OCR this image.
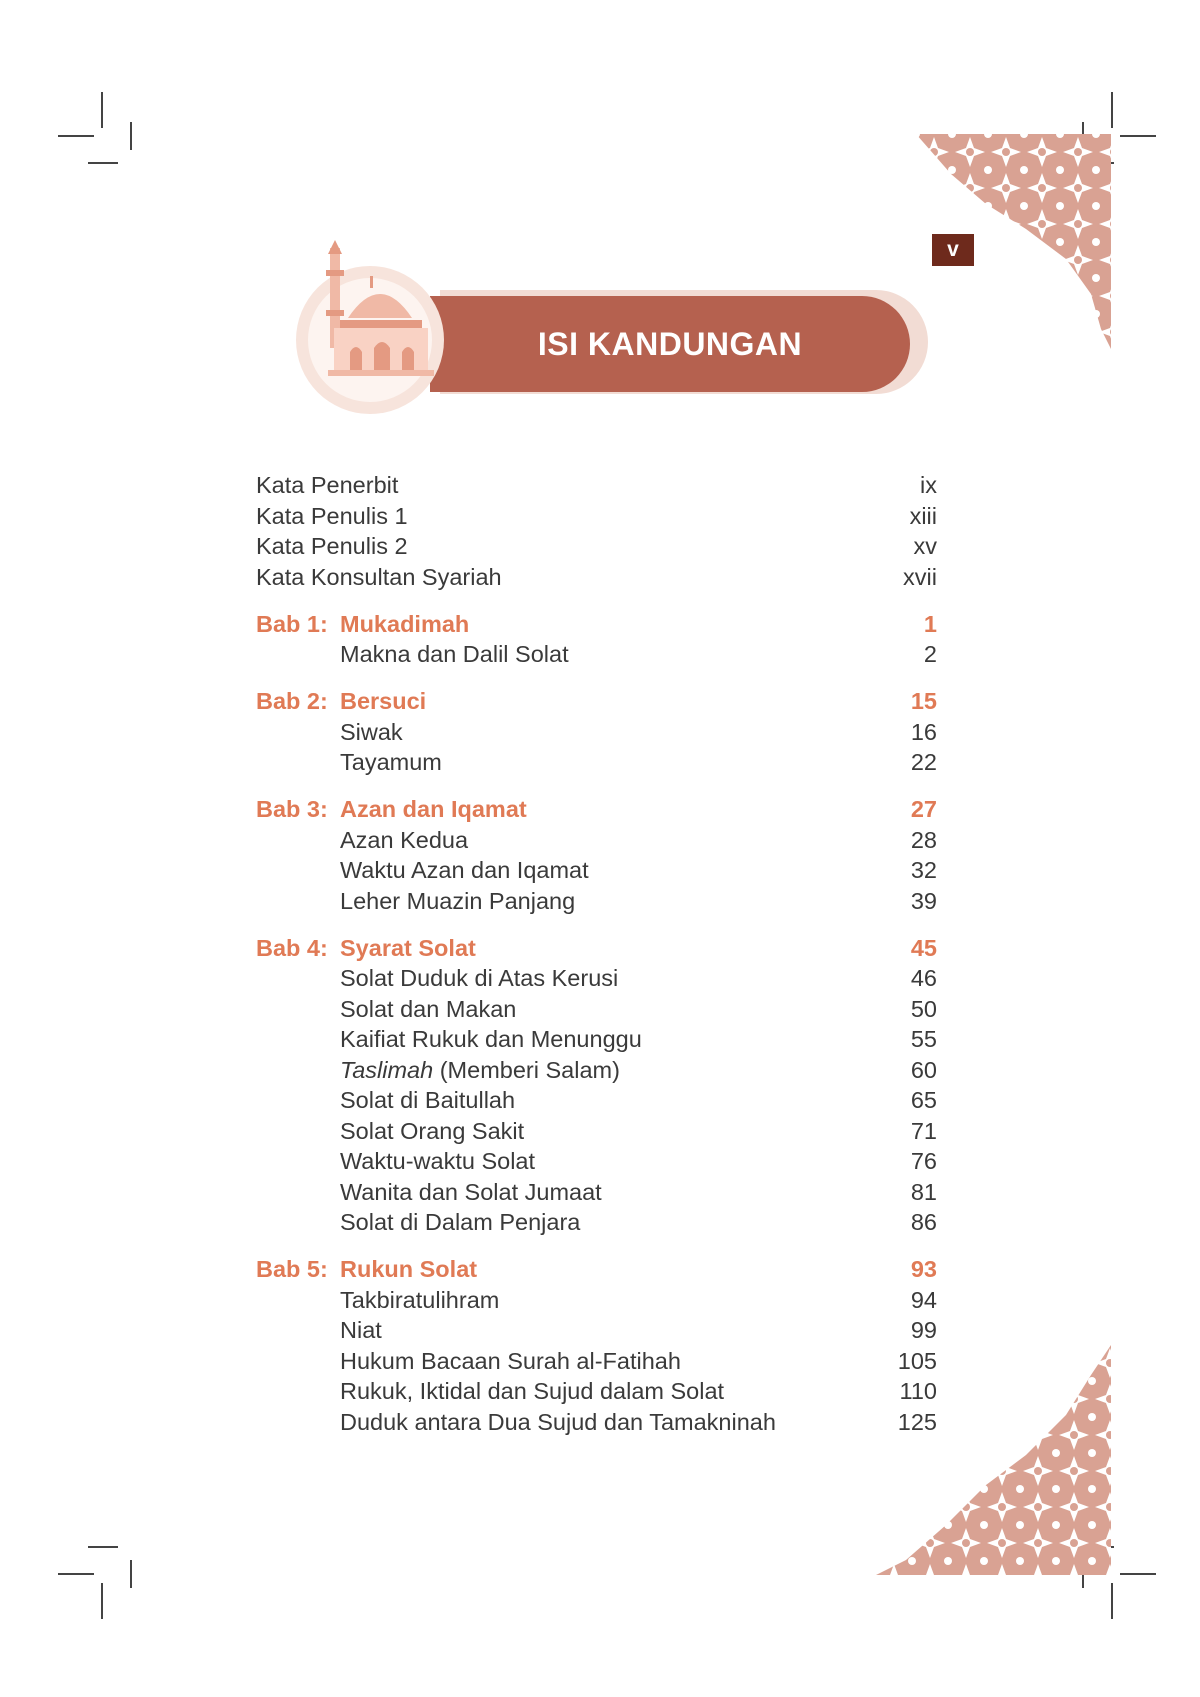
v
ISI KANDUNGAN
Kata Penerbit	ix
Kata Penulis 1	xiii
Kata Penulis 2	xv
Kata Konsultan Syariah	xvii
Bab 1: Mukadimah	1
Makna dan Dalil Solat	2
Bab 2: Bersuci	15
Siwak	16
Tayamum	22
Bab 3: Azan dan Iqamat	27
Azan Kedua	28
Waktu Azan dan Iqamat	32
Leher Muazin Panjang	39
Bab 4: Syarat Solat	45
Solat Duduk di Atas Kerusi	46
Solat dan Makan	50
Kaifiat Rukuk dan Menunggu	55
Taslimah (Memberi Salam)	60
Solat di Baitullah	65
Solat Orang Sakit	71
Waktu-waktu Solat	76
Wanita dan Solat Jumaat	81
Solat di Dalam Penjara	86
Bab 5: Rukun Solat	93
Takbiratulihram	94
Niat	99
Hukum Bacaan Surah al-Fatihah	105
Rukuk, Iktidal dan Sujud dalam Solat	110
Duduk antara Dua Sujud dan Tamakninah	125
